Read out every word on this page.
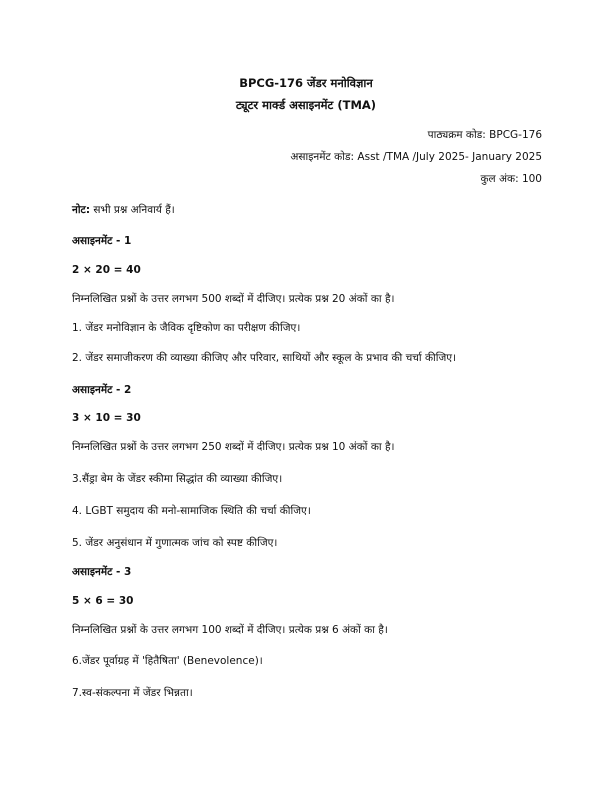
BPCG-176 जेंडर मनोविज्ञान
ट्यूटर मार्क्ड असाइनमेंट (TMA)
पाठ्यक्रम कोड: BPCG-176
असाइनमेंट कोड: Asst /TMA /July 2025- January 2025
कुल अंक: 100
नोट: सभी प्रश्न अनिवार्य हैं।
असाइनमेंट - 1
2 × 20 = 40
निम्नलिखित प्रश्नों के उत्तर लगभग 500 शब्दों में दीजिए। प्रत्येक प्रश्न 20 अंकों का है।
1. जेंडर मनोविज्ञान के जैविक दृष्टिकोण का परीक्षण कीजिए।
2. जेंडर समाजीकरण की व्याख्या कीजिए और परिवार, साथियों और स्कूल के प्रभाव की चर्चा कीजिए।
असाइनमेंट - 2
3 × 10 = 30
निम्नलिखित प्रश्नों के उत्तर लगभग 250 शब्दों में दीजिए। प्रत्येक प्रश्न 10 अंकों का है।
3.सैंड्रा बेम के जेंडर स्कीमा सिद्धांत की व्याख्या कीजिए।
4. LGBT समुदाय की मनो-सामाजिक स्थिति की चर्चा कीजिए।
5. जेंडर अनुसंधान में गुणात्मक जांच को स्पष्ट कीजिए।
असाइनमेंट - 3
5 × 6 = 30
निम्नलिखित प्रश्नों के उत्तर लगभग 100 शब्दों में दीजिए। प्रत्येक प्रश्न 6 अंकों का है।
6.जेंडर पूर्वाग्रह में 'हितैषिता' (Benevolence)।
7.स्व-संकल्पना में जेंडर भिन्नता।
